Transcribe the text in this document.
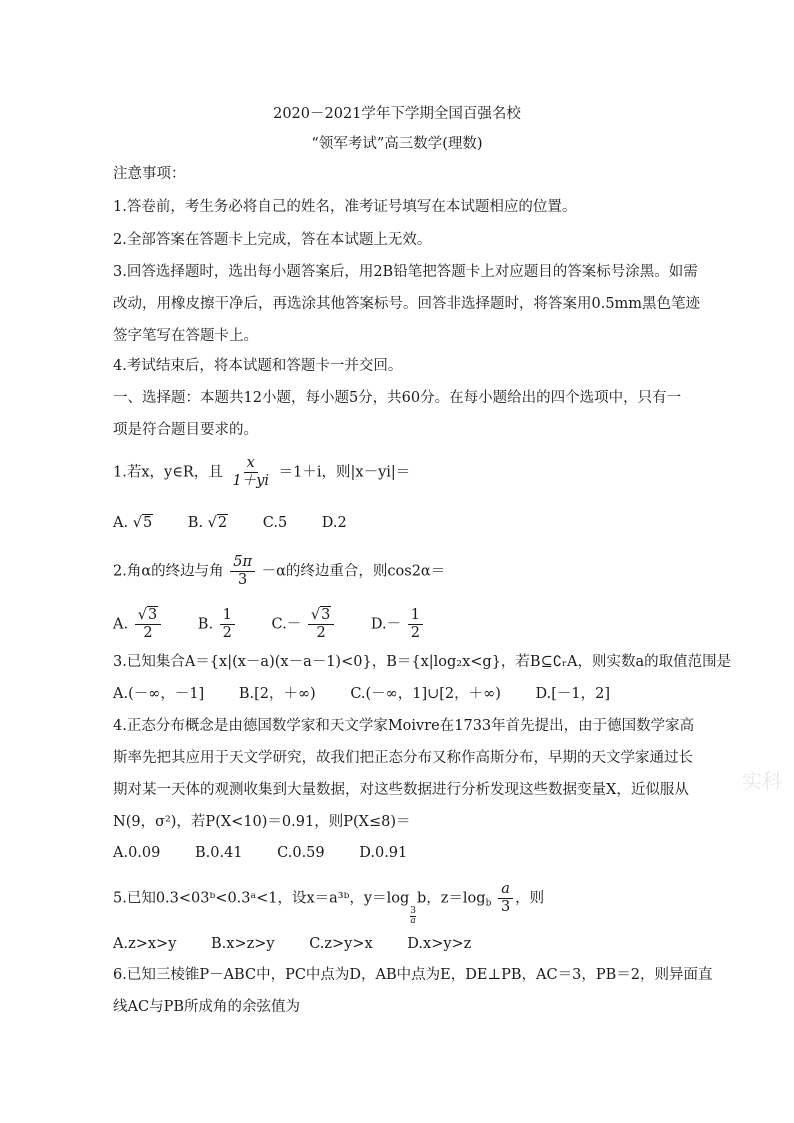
2020－2021学年下学期全国百强名校
“领军考试”高三数学(理数)
注意事项：
1.答卷前，考生务必将自己的姓名，准考证号填写在本试题相应的位置。
2.全部答案在答题卡上完成，答在本试题上无效。
3.回答选择题时，选出每小题答案后，用2B铅笔把答题卡上对应题目的答案标号涂黑。如需
改动，用橡皮擦干净后，再选涂其他答案标号。回答非选择题时，将答案用0.5mm黑色笔迹
签字笔写在答题卡上。
4.考试结束后，将本试题和答题卡一并交回。
一、选择题：本题共12小题，每小题5分，共60分。在每小题给出的四个选项中，只有一
项是符合题目要求的。
1.若x，y∈R，且 $\frac{x}{1+yi} =1+i$，则|x－yi|＝
A. √5 B. √2 C.5 D.2
2.角α的终边与角 $\frac{5\pi}{3} -\alpha$的终边重合，则cos2α＝
A. $\frac{√3}{2}$	B. $\frac{1}{2}$	$C.- \frac{√3}{2}$	$D.- \frac{1}{2}$
3.已知集合A＝{x|(x－a)(x－a－1)<0}，B＝{x|log₂x<g}，若B⊆∁ᵣA，则实数a的取值范围是
A.(－∞，－1] B.[2，＋∞) C.(－∞，1]∪[2，＋∞) D.[－1，2]
4.正态分布概念是由德国数学家和天文学家Moivre在1733年首先提出，由于德国数学家高
斯率先把其应用于天文学研究，故我们把正态分布又称作高斯分布，早期的天文学家通过长
期对某一天体的观测收集到大量数据，对这些数据进行分析发现这些数据变量X，近似服从
N(9，σ²)，若P(X<10)＝0.91，则P(X≤8)＝
A.0.09 B.0.41 C.0.59 D.0.91
5.已知0.3<03ᵇ<0.3ᵃ<1，设x＝a³ᵇ，y＝log
$\frac{3}{a}$
b，$z=\log_b \frac{a}{3}$ ，则
A.z>x>y B.x>z>y C.z>y>x D.x>y>z
6.已知三棱锥P－ABC中，PC中点为D，AB中点为E，DE⊥PB，AC＝3，PB＝2，则异面直
线AC与PB所成角的余弦值为
实科
